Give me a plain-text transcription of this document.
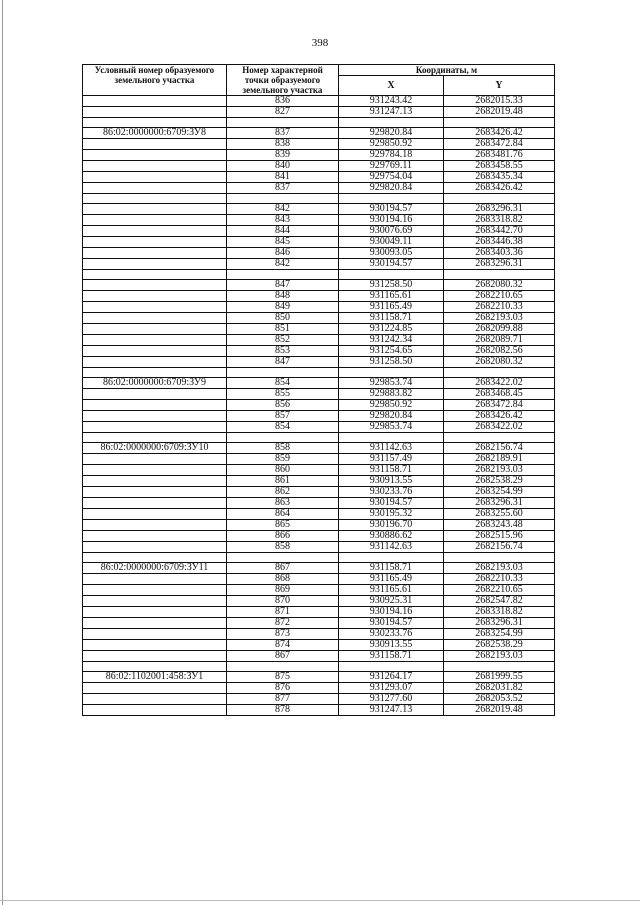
398
Условный номер образуемого земельного участка	Номер характерной точки образуемого земельного участка	Координаты, м	
		X	Y
	836	931243.42	2682015.33
	827	931247.13	2682019.48

86:02:0000000:6709:ЗУ8	837	929820.84	2683426.42
	838	929850.92	2683472.84
	839	929784.18	2683481.76
	840	929769.11	2683458.55
	841	929754.04	2683435.34
	837	929820.84	2683426.42

	842	930194.57	2683296.31
	843	930194.16	2683318.82
	844	930076.69	2683442.70
	845	930049.11	2683446.38
	846	930093.05	2683403.36
	842	930194.57	2683296.31

	847	931258.50	2682080.32
	848	931165.61	2682210.65
	849	931165.49	2682210.33
	850	931158.71	2682193.03
	851	931224.85	2682099.88
	852	931242.34	2682089.71
	853	931254.65	2682082.56
	847	931258.50	2682080.32

86:02:0000000:6709:ЗУ9	854	929853.74	2683422.02
	855	929883.82	2683468.45
	856	929850.92	2683472.84
	857	929820.84	2683426.42
	854	929853.74	2683422.02

86:02:0000000:6709:ЗУ10	858	931142.63	2682156.74
	859	931157.49	2682189.91
	860	931158.71	2682193.03
	861	930913.55	2682538.29
	862	930233.76	2683254.99
	863	930194.57	2683296.31
	864	930195.32	2683255.60
	865	930196.70	2683243.48
	866	930886.62	2682515.96
	858	931142.63	2682156.74

86:02:0000000:6709:ЗУ11	867	931158.71	2682193.03
	868	931165.49	2682210.33
	869	931165.61	2682210.65
	870	930925.31	2682547.82
	871	930194.16	2683318.82
	872	930194.57	2683296.31
	873	930233.76	2683254.99
	874	930913.55	2682538.29
	867	931158.71	2682193.03

86:02:1102001:458:ЗУ1	875	931264.17	2681999.55
	876	931293.07	2682031.82
	877	931277.60	2682053.52
	878	931247.13	2682019.48
